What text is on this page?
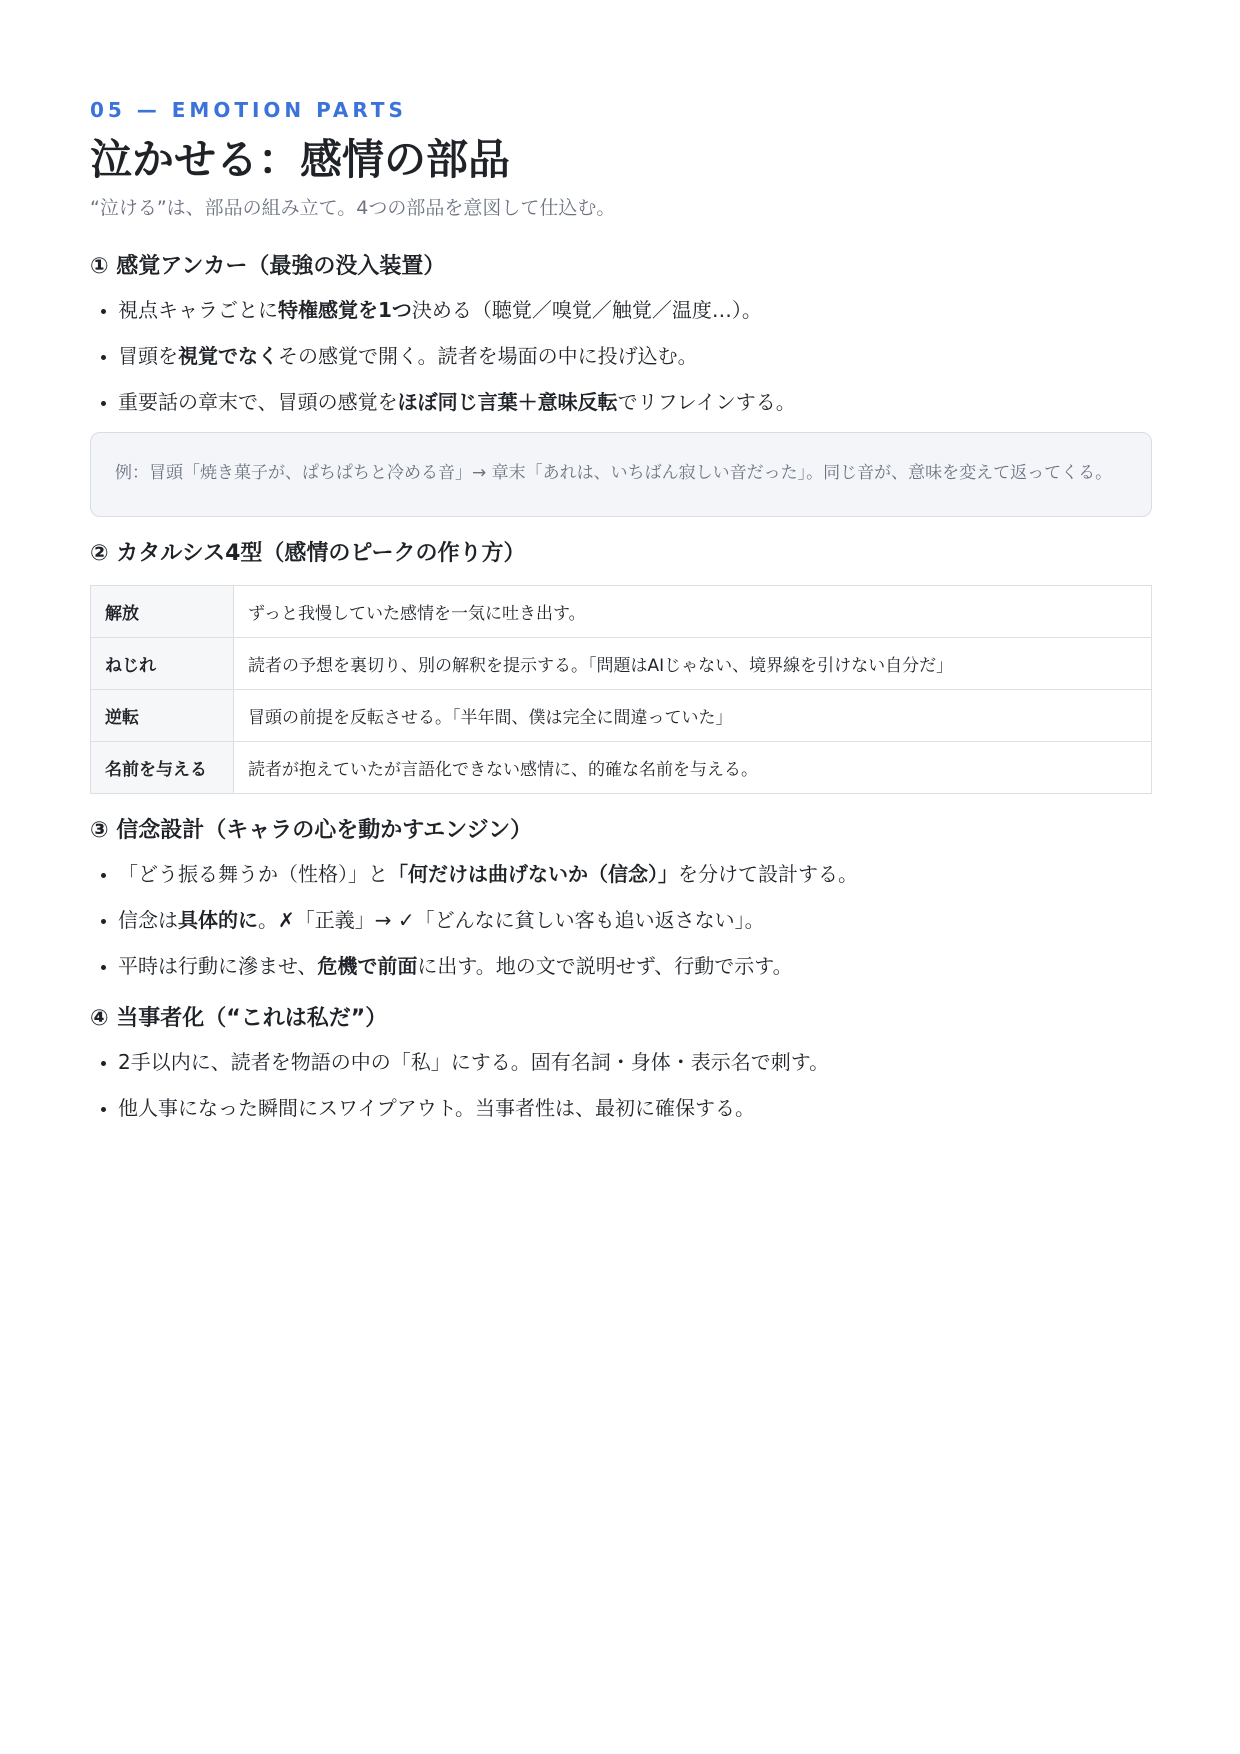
05 — EMOTION PARTS

泣かせる：感情の部品

“泣ける”は、部品の組み立て。4つの部品を意図して仕込む。

① 感覚アンカー（最強の没入装置）
• 視点キャラごとに特権感覚を1つ決める（聴覚／嗅覚／触覚／温度…）。
• 冒頭を視覚でなくその感覚で開く。読者を場面の中に投げ込む。
• 重要話の章末で、冒頭の感覚をほぼ同じ言葉＋意味反転でリフレインする。
例：冒頭「焼き菓子が、ぱちぱちと冷める音」→ 章末「あれは、いちばん寂しい音だった」。同じ音が、意味を変えて返ってくる。
② カタルシス4型（感情のピークの作り方）
解放	ずっと我慢していた感情を一気に吐き出す。
ねじれ	読者の予想を裏切り、別の解釈を提示する。「問題はAIじゃない、境界線を引けない自分だ」
逆転	冒頭の前提を反転させる。「半年間、僕は完全に間違っていた」
名前を与える	読者が抱えていたが言語化できない感情に、的確な名前を与える。
③ 信念設計（キャラの心を動かすエンジン）
• 「どう振る舞うか（性格）」と「何だけは曲げないか（信念）」を分けて設計する。
• 信念は具体的に。✗「正義」→ ✓「どんなに貧しい客も追い返さない」。
• 平時は行動に滲ませ、危機で前面に出す。地の文で説明せず、行動で示す。
④ 当事者化（“これは私だ”）
• 2手以内に、読者を物語の中の「私」にする。固有名詞・身体・表示名で刺す。
• 他人事になった瞬間にスワイプアウト。当事者性は、最初に確保する。
